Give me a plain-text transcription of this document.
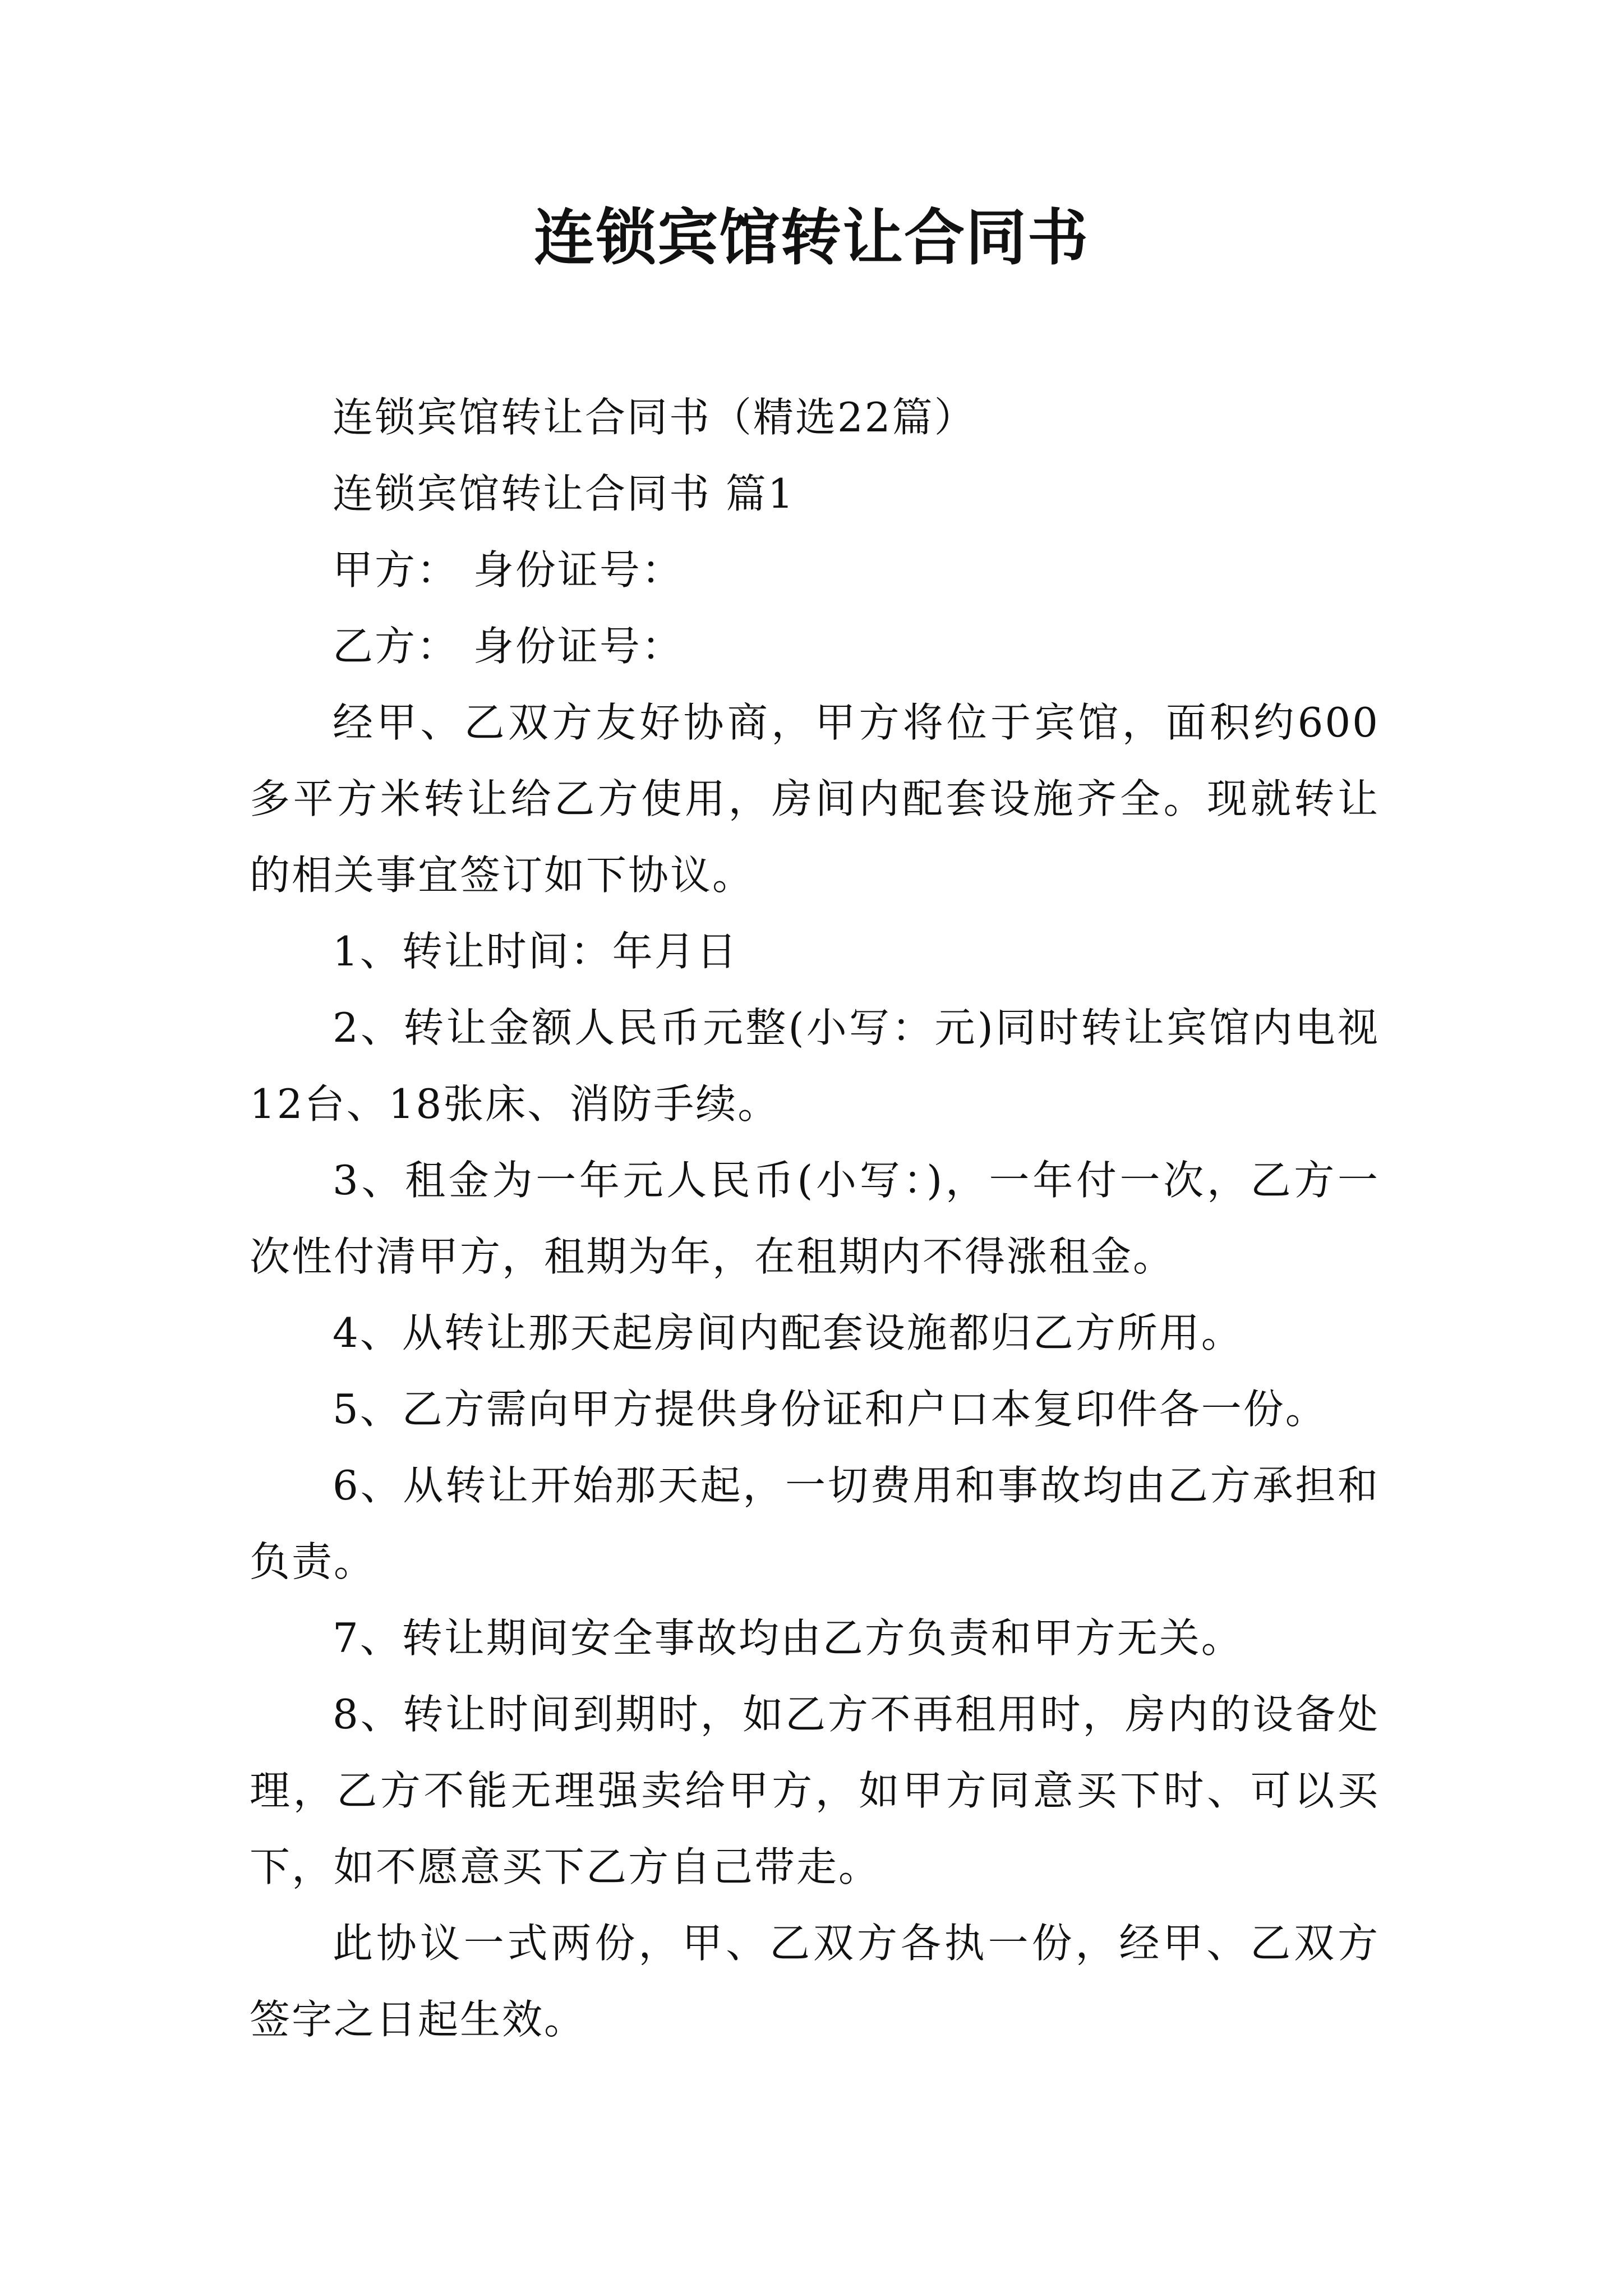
连锁宾馆转让合同书

连锁宾馆转让合同书（精选22篇）

连锁宾馆转让合同书 篇1

甲方： 身份证号：

乙方： 身份证号：

经甲、乙双方友好协商，甲方将位于宾馆，面积约600多平方米转让给乙方使用，房间内配套设施齐全。现就转让的相关事宜签订如下协议。

1、转让时间：年月日

2、转让金额人民币元整(小写：元)同时转让宾馆内电视12台、18张床、消防手续。

3、租金为一年元人民币(小写：)，一年付一次，乙方一次性付清甲方，租期为年，在租期内不得涨租金。

4、从转让那天起房间内配套设施都归乙方所用。

5、乙方需向甲方提供身份证和户口本复印件各一份。

6、从转让开始那天起，一切费用和事故均由乙方承担和负责。

7、转让期间安全事故均由乙方负责和甲方无关。

8、转让时间到期时，如乙方不再租用时，房内的设备处理，乙方不能无理强卖给甲方，如甲方同意买下时、可以买下，如不愿意买下乙方自己带走。

此协议一式两份，甲、乙双方各执一份，经甲、乙双方签字之日起生效。
